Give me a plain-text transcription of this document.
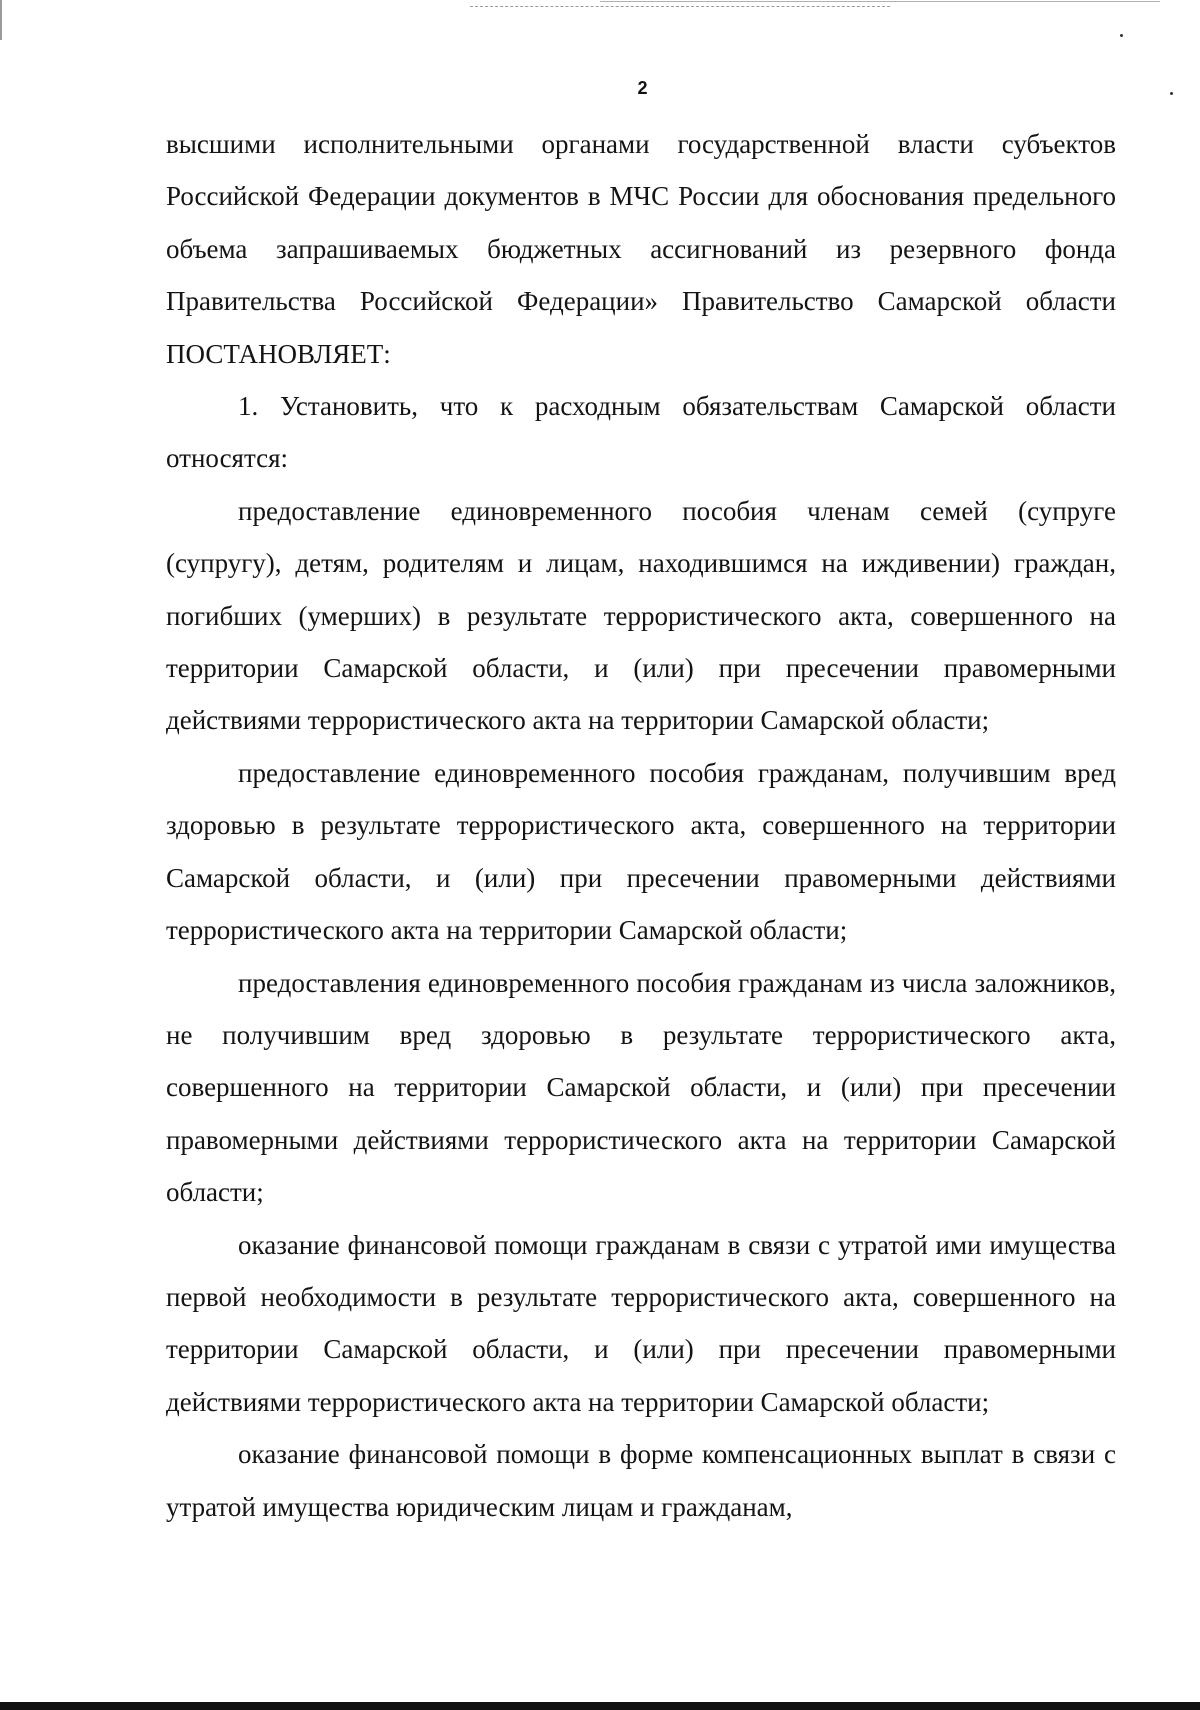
2

высшими исполнительными органами государственной власти субъектов Российской Федерации документов в МЧС России для обоснования предельного объема запрашиваемых бюджетных ассигнований из резервного фонда Правительства Российской Федерации» Правительство Самарской области ПОСТАНОВЛЯЕТ:

1. Установить, что к расходным обязательствам Самарской области относятся:

предоставление единовременного пособия членам семей (супруге (супругу), детям, родителям и лицам, находившимся на иждивении) граждан, погибших (умерших) в результате террористического акта, совершенного на территории Самарской области, и (или) при пресечении правомерными действиями террористического акта на территории Самарской области;

предоставление единовременного пособия гражданам, получившим вред здоровью в результате террористического акта, совершенного на территории Самарской области, и (или) при пресечении правомерными действиями террористического акта на территории Самарской области;

предоставления единовременного пособия гражданам из числа заложников, не получившим вред здоровью в результате террористического акта, совершенного на территории Самарской области, и (или) при пресечении правомерными действиями террористического акта на территории Самарской области;

оказание финансовой помощи гражданам в связи с утратой ими имущества первой необходимости в результате террористического акта, совершенного на территории Самарской области, и (или) при пресечении правомерными действиями террористического акта на территории Самарской области;

оказание финансовой помощи в форме компенсационных выплат в связи с утратой имущества юридическим лицам и гражданам,
